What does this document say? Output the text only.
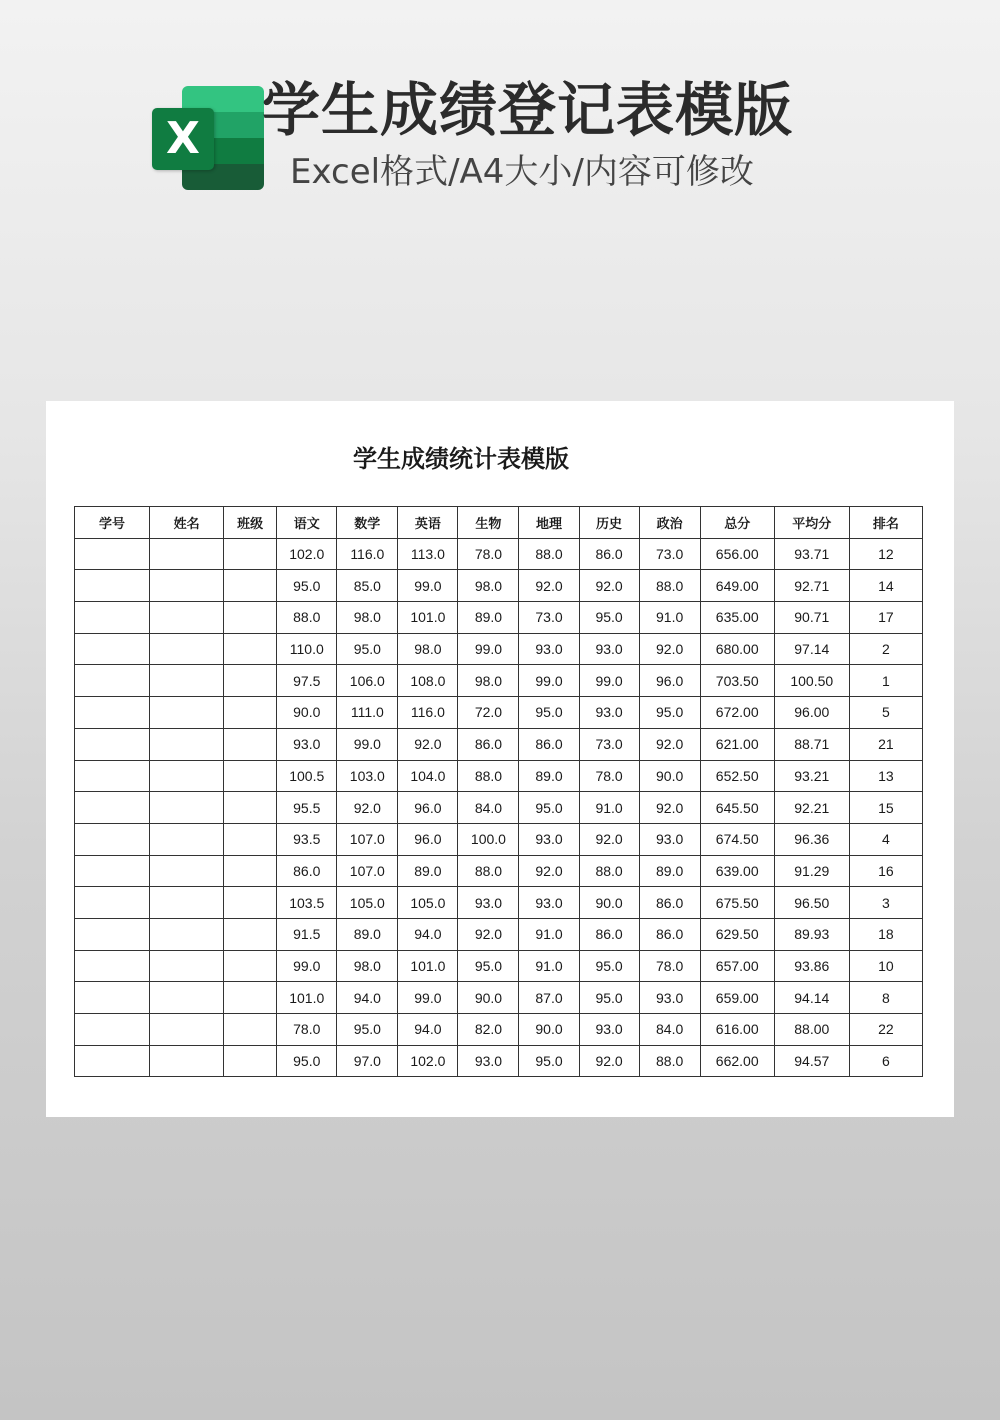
X 学生成绩登记表模版
Excel格式/A4大小/内容可修改
学生成绩统计表模版
学号	姓名	班级	语文	数学	英语	生物	地理	历史	政治	总分	平均分	排名
			102.0	116.0	113.0	78.0	88.0	86.0	73.0	656.00	93.71	12
			95.0	85.0	99.0	98.0	92.0	92.0	88.0	649.00	92.71	14
			88.0	98.0	101.0	89.0	73.0	95.0	91.0	635.00	90.71	17
			110.0	95.0	98.0	99.0	93.0	93.0	92.0	680.00	97.14	2
			97.5	106.0	108.0	98.0	99.0	99.0	96.0	703.50	100.50	1
			90.0	111.0	116.0	72.0	95.0	93.0	95.0	672.00	96.00	5
			93.0	99.0	92.0	86.0	86.0	73.0	92.0	621.00	88.71	21
			100.5	103.0	104.0	88.0	89.0	78.0	90.0	652.50	93.21	13
			95.5	92.0	96.0	84.0	95.0	91.0	92.0	645.50	92.21	15
			93.5	107.0	96.0	100.0	93.0	92.0	93.0	674.50	96.36	4
			86.0	107.0	89.0	88.0	92.0	88.0	89.0	639.00	91.29	16
			103.5	105.0	105.0	93.0	93.0	90.0	86.0	675.50	96.50	3
			91.5	89.0	94.0	92.0	91.0	86.0	86.0	629.50	89.93	18
			99.0	98.0	101.0	95.0	91.0	95.0	78.0	657.00	93.86	10
			101.0	94.0	99.0	90.0	87.0	95.0	93.0	659.00	94.14	8
			78.0	95.0	94.0	82.0	90.0	93.0	84.0	616.00	88.00	22
			95.0	97.0	102.0	93.0	95.0	92.0	88.0	662.00	94.57	6
